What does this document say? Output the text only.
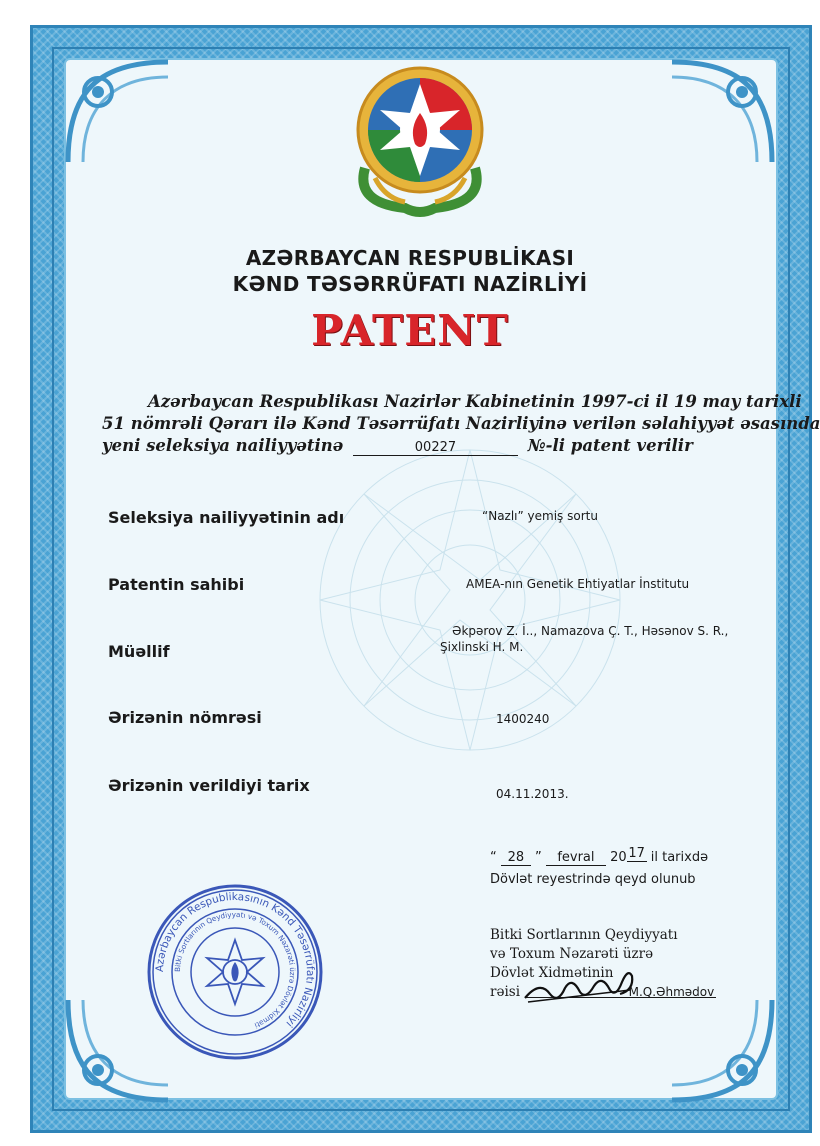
AZƏRBAYCAN RESPUBLİKASI
KƏND TƏSƏRRÜFATI NAZİRLİYİ
PATENT
Azərbaycan Respublikası Nazirlər Kabinetinin 1997-ci il 19 may tarixli
51 nömrəli Qərarı ilə Kənd Təsərrüfatı Nazirliyinə verilən səlahiyyət əsasında
yeni seleksiya nailiyyətinə	00227	№-li patent verilir
Seleksiya nailiyyətinin adı	“Nazlı” yemiş sortu
Patentin sahibi	AMEA-nın Genetik Ehtiyatlar İnstitutu
Müəllif
Əkpərov Z. İ.., Namazova Ç. T., Həsənov S. R.,
Şixlinski H. M.
Ərizənin nömrəsi	1400240
Ərizənin verildiyi tarix	04.11.2013.
“ 28 ” fevral 20 17 il tarixdə
Dövlət reyestrində qeyd olunub
Bitki Sortlarının Qeydiyyatı
və Toxum Nəzarəti üzrə
Dövlət Xidmətinin
rəisi	M.Q.Əhmədov
Azərbaycan Respublikasının Kənd Təsərrüfatı Nazirliyi
Bitki Sortlarının Qeydiyyatı və Toxum Nəzarəti üzrə Dövlət Xidməti
